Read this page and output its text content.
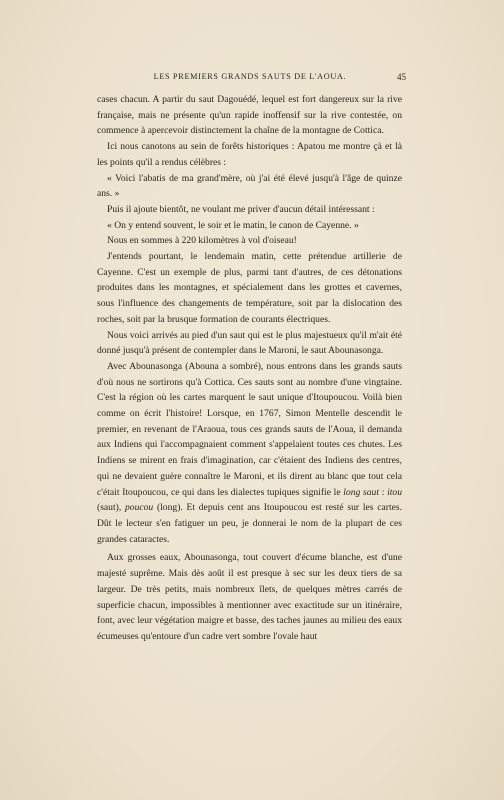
LES PREMIERS GRANDS SAUTS DE L'AOUA.	45

cases chacun. A partir du saut Dagouédé, lequel est fort dangereux sur la rive française, mais ne présente qu'un rapide inoffensif sur la rive contestée, on commence à apercevoir distinctement la chaîne de la montagne de Cottica.

Ici nous canotons au sein de forêts historiques : Apatou me montre çà et là les points qu'il a rendus célèbres :

« Voici l'abatis de ma grand'mère, où j'ai été élevé jusqu'à l'âge de quinze ans. »

Puis il ajoute bientôt, ne voulant me priver d'aucun détail intéressant :

« On y entend souvent, le soir et le matin, le canon de Cayenne. »

Nous en sommes à 220 kilomètres à vol d'oiseau!

J'entends pourtant, le lendemain matin, cette prétendue artillerie de Cayenne. C'est un exemple de plus, parmi tant d'autres, de ces détonations produites dans les montagnes, et spécialement dans les grottes et cavernes, sous l'influence des changements de température, soit par la dislocation des roches, soit par la brusque formation de courants électriques.

Nous voici arrivés au pied d'un saut qui est le plus majestueux qu'il m'ait été donné jusqu'à présent de contempler dans le Maroni, le saut Abounasonga.

Avec Abounasonga (Abouna a sombré), nous entrons dans les grands sauts d'où nous ne sortirons qu'à Cottica. Ces sauts sont au nombre d'une vingtaine. C'est la région où les cartes marquent le saut unique d'Itoupoucou. Voilà bien comme on écrit l'histoire! Lorsque, en 1767, Simon Mentelle descendit le premier, en revenant de l'Araoua, tous ces grands sauts de l'Aoua, il demanda aux Indiens qui l'accompagnaient comment s'appelaient toutes ces chutes. Les Indiens se mirent en frais d'imagination, car c'étaient des Indiens des centres, qui ne devaient guère connaître le Maroni, et ils dirent au blanc que tout cela c'était Itoupoucou, ce qui dans les dialectes tupiques signifie le long saut : itou (saut), poucou (long). Et depuis cent ans Itoupoucou est resté sur les cartes. Dût le lecteur s'en fatiguer un peu, je donnerai le nom de la plupart de ces grandes cataractes.

Aux grosses eaux, Abounasonga, tout couvert d'écume blanche, est d'une majesté suprême. Mais dès août il est presque à sec sur les deux tiers de sa largeur. De très petits, mais nombreux îlets, de quelques mètres carrés de superficie chacun, impossibles à mentionner avec exactitude sur un itinéraire, font, avec leur végétation maigre et basse, des taches jaunes au milieu des eaux écumeuses qu'entoure d'un cadre vert sombre l'ovale haut
